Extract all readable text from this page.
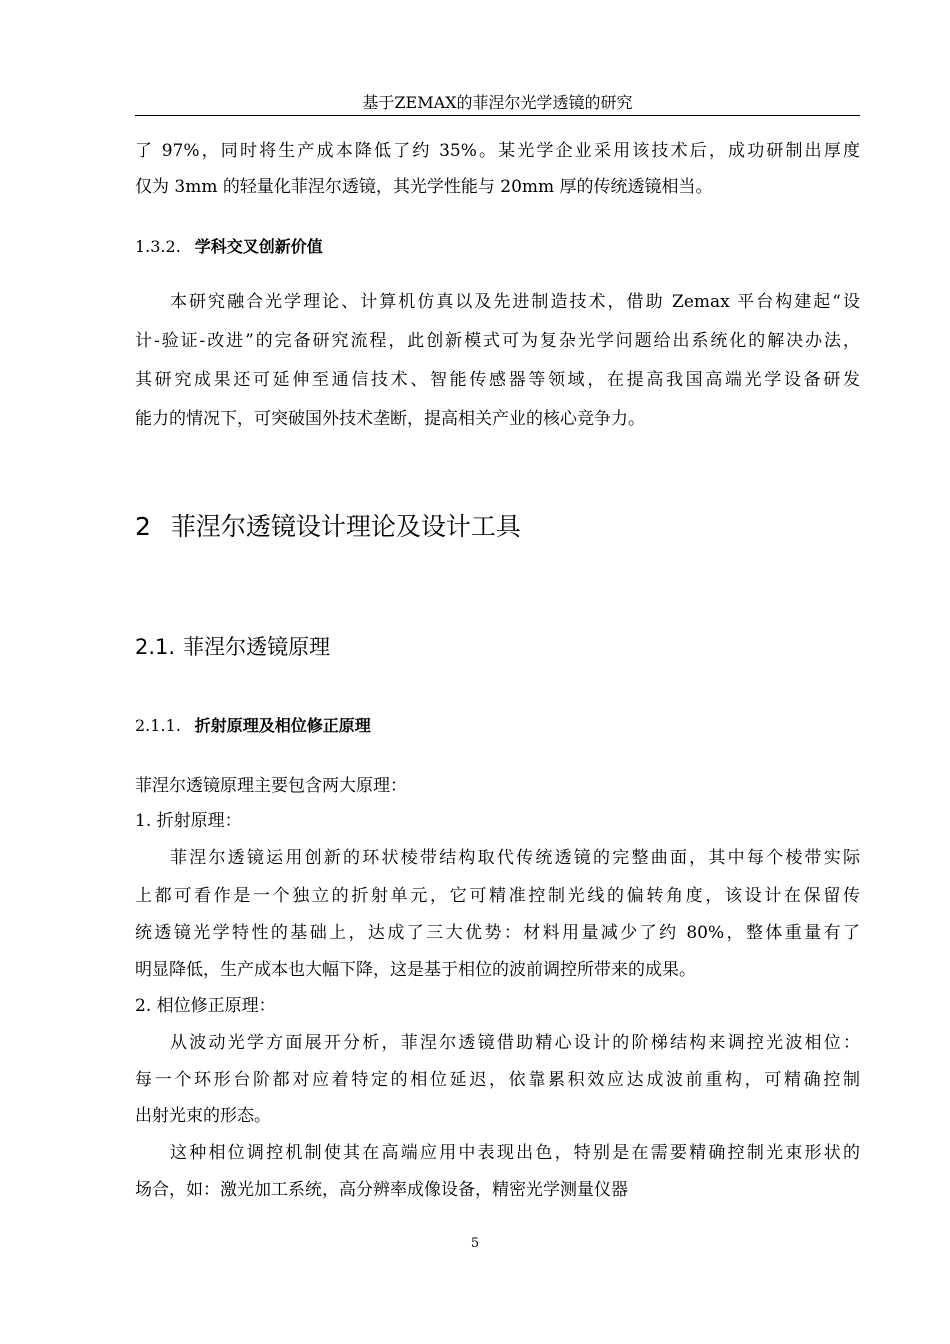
基于ZEMAX的菲涅尔光学透镜的研究
了 97%，同时将生产成本降低了约 35%。某光学企业采用该技术后，成功研制出厚度
仅为 3mm 的轻量化菲涅尔透镜，其光学性能与 20mm 厚的传统透镜相当。
1.3.2. 学科交叉创新价值
本研究融合光学理论、计算机仿真以及先进制造技术，借助 Zemax 平台构建起“设
计-验证-改进”的完备研究流程，此创新模式可为复杂光学问题给出系统化的解决办法，
其研究成果还可延伸至通信技术、智能传感器等领域，在提高我国高端光学设备研发
能力的情况下，可突破国外技术垄断，提高相关产业的核心竞争力。
2 菲涅尔透镜设计理论及设计工具
2.1. 菲涅尔透镜原理
2.1.1. 折射原理及相位修正原理
菲涅尔透镜原理主要包含两大原理：
1. 折射原理：
菲涅尔透镜运用创新的环状棱带结构取代传统透镜的完整曲面，其中每个棱带实际
上都可看作是一个独立的折射单元，它可精准控制光线的偏转角度，该设计在保留传
统透镜光学特性的基础上，达成了三大优势：材料用量减少了约 80%，整体重量有了
明显降低，生产成本也大幅下降，这是基于相位的波前调控所带来的成果。
2. 相位修正原理：
从波动光学方面展开分析，菲涅尔透镜借助精心设计的阶梯结构来调控光波相位：
每一个环形台阶都对应着特定的相位延迟，依靠累积效应达成波前重构，可精确控制
出射光束的形态。
这种相位调控机制使其在高端应用中表现出色，特别是在需要精确控制光束形状的
场合，如：激光加工系统，高分辨率成像设备，精密光学测量仪器
5
